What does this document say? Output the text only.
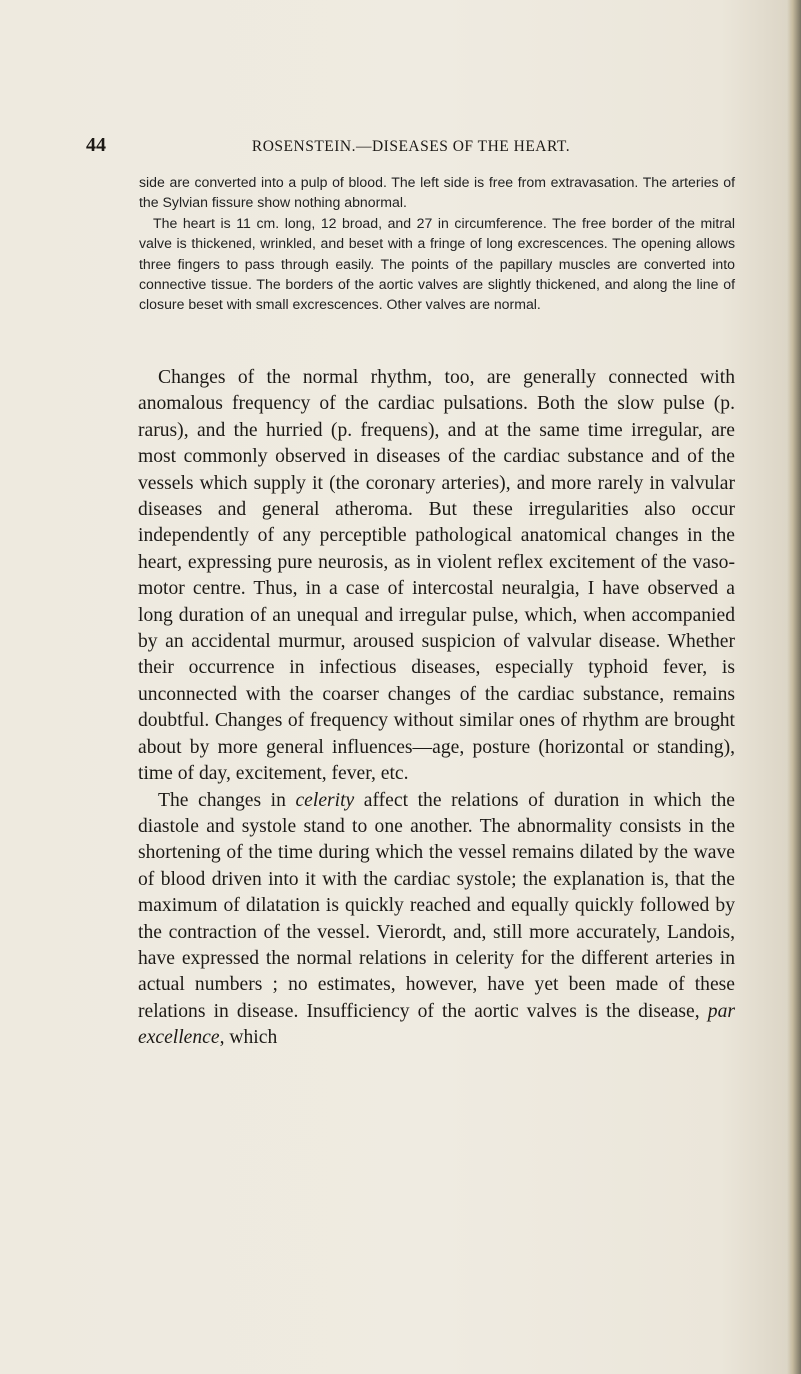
44	ROSENSTEIN.—DISEASES OF THE HEART.

side are converted into a pulp of blood. The left side is free from extravasation. The arteries of the Sylvian fissure show nothing abnormal.

The heart is 11 cm. long, 12 broad, and 27 in circumference. The free border of the mitral valve is thickened, wrinkled, and beset with a fringe of long excrescences. The opening allows three fingers to pass through easily. The points of the papillary muscles are converted into connective tissue. The borders of the aortic valves are slightly thickened, and along the line of closure beset with small excrescences. Other valves are normal.

Changes of the normal rhythm, too, are generally connected with anomalous frequency of the cardiac pulsations. Both the slow pulse (p. rarus), and the hurried (p. frequens), and at the same time irregular, are most commonly observed in diseases of the cardiac substance and of the vessels which supply it (the coronary arteries), and more rarely in valvular diseases and general atheroma. But these irregularities also occur independently of any perceptible pathological anatomical changes in the heart, expressing pure neurosis, as in violent reflex excitement of the vaso-motor centre. Thus, in a case of intercostal neuralgia, I have observed a long duration of an unequal and irregular pulse, which, when accompanied by an accidental murmur, aroused suspicion of valvular disease. Whether their occurrence in infectious diseases, especially typhoid fever, is unconnected with the coarser changes of the cardiac substance, remains doubtful. Changes of frequency without similar ones of rhythm are brought about by more general influences—age, posture (horizontal or standing), time of day, excitement, fever, etc.

The changes in celerity affect the relations of duration in which the diastole and systole stand to one another. The abnormality consists in the shortening of the time during which the vessel remains dilated by the wave of blood driven into it with the cardiac systole; the explanation is, that the maximum of dilatation is quickly reached and equally quickly followed by the contraction of the vessel. Vierordt, and, still more accurately, Landois, have expressed the normal relations in celerity for the different arteries in actual numbers ; no estimates, however, have yet been made of these relations in disease. Insufficiency of the aortic valves is the disease, par excellence, which
